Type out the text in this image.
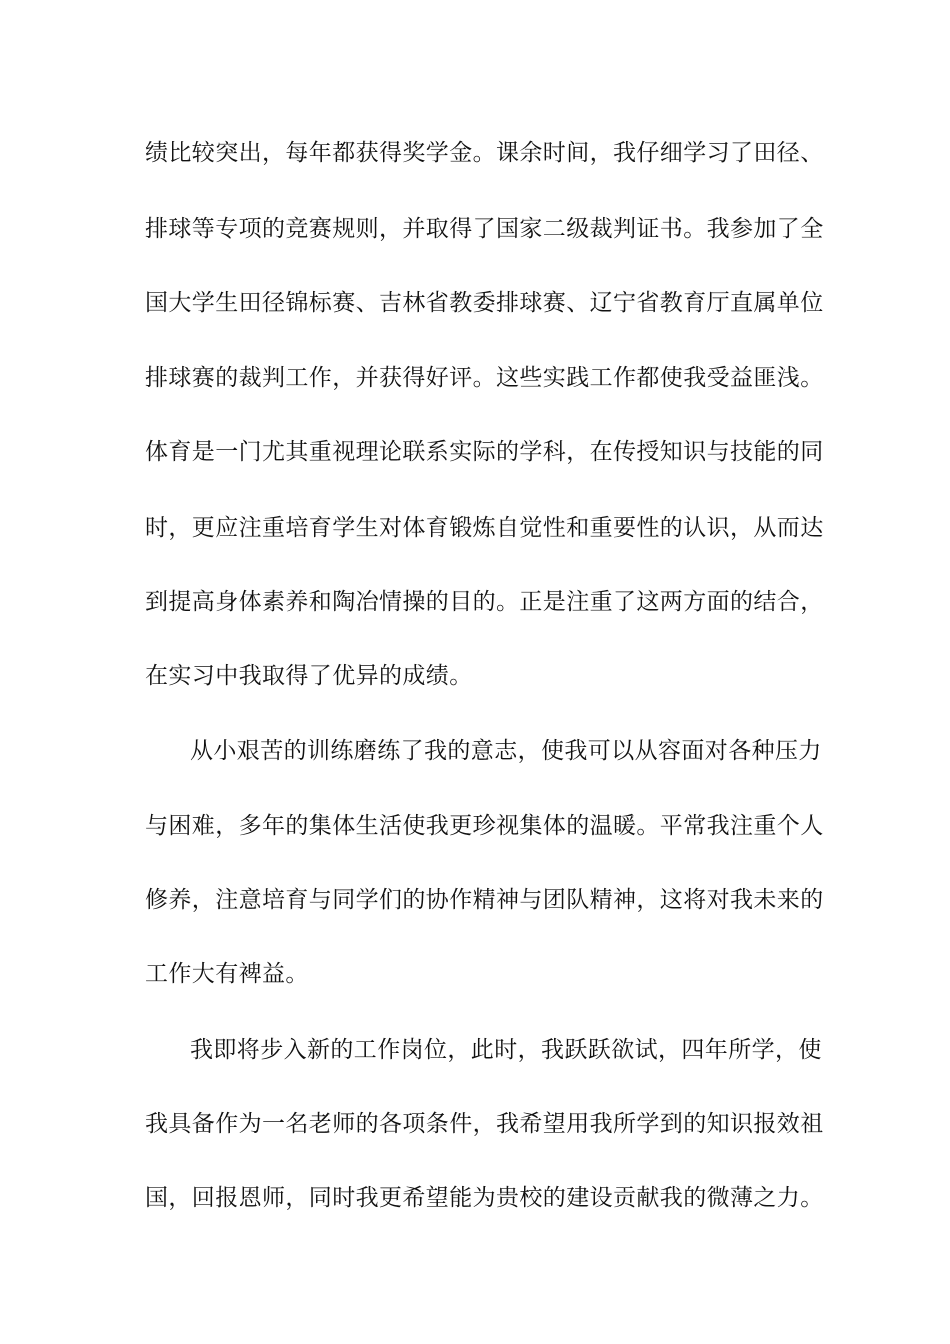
绩比较突出，每年都获得奖学金。课余时间，我仔细学习了田径、
排球等专项的竞赛规则，并取得了国家二级裁判证书。我参加了全
国大学生田径锦标赛、吉林省教委排球赛、辽宁省教育厅直属单位
排球赛的裁判工作，并获得好评。这些实践工作都使我受益匪浅。
体育是一门尤其重视理论联系实际的学科，在传授知识与技能的同
时，更应注重培育学生对体育锻炼自觉性和重要性的认识，从而达
到提高身体素养和陶冶情操的目的。正是注重了这两方面的结合，
在实习中我取得了优异的成绩。
从小艰苦的训练磨练了我的意志，使我可以从容面对各种压力
与困难，多年的集体生活使我更珍视集体的温暖。平常我注重个人
修养，注意培育与同学们的协作精神与团队精神，这将对我未来的
工作大有裨益。
我即将步入新的工作岗位，此时，我跃跃欲试，四年所学，使
我具备作为一名老师的各项条件，我希望用我所学到的知识报效祖
国，回报恩师，同时我更希望能为贵校的建设贡献我的微薄之力。
